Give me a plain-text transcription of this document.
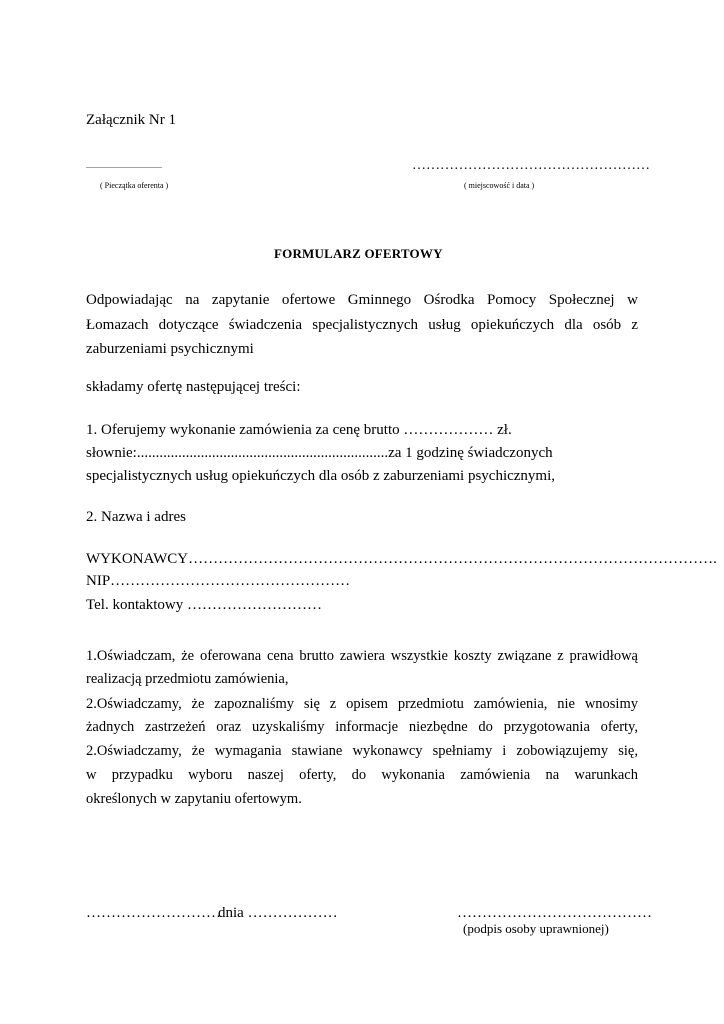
Załącznik Nr 1
......................................
( Pieczątka oferenta )
……………………………………………
( miejscowość i data )
FORMULARZ OFERTOWY
Odpowiadając na zapytanie ofertowe Gminnego Ośrodka Pomocy Społecznej w
Łomazach dotyczące świadczenia specjalistycznych usług opiekuńczych dla osób z
zaburzeniami psychicznymi
składamy ofertę następującej treści:
1. Oferujemy wykonanie zamówienia za cenę brutto ……………… zł.
słownie:...................................................................za 1 godzinę świadczonych
specjalistycznych usług opiekuńczych dla osób z zaburzeniami psychicznymi,
2. Nazwa i adres
WYKONAWCY…………………………………………………………………………………………….
NIP…………………………………………
Tel. kontaktowy ………………………
1.Oświadczam, że oferowana cena brutto zawiera wszystkie koszty związane z prawidłową
realizacją przedmiotu zamówienia,
2.Oświadczamy, że zapoznaliśmy się z opisem przedmiotu zamówienia, nie wnosimy
żadnych zastrzeżeń oraz uzyskaliśmy informacje niezbędne do przygotowania oferty,
2.Oświadczamy, że wymagania stawiane wykonawcy spełniamy i zobowiązujemy się,
w przypadku wyboru naszej oferty, do wykonania zamówienia na warunkach
określonych w zapytaniu ofertowym.
………………………
dnia ………………	…………………………………
(podpis osoby uprawnionej)
